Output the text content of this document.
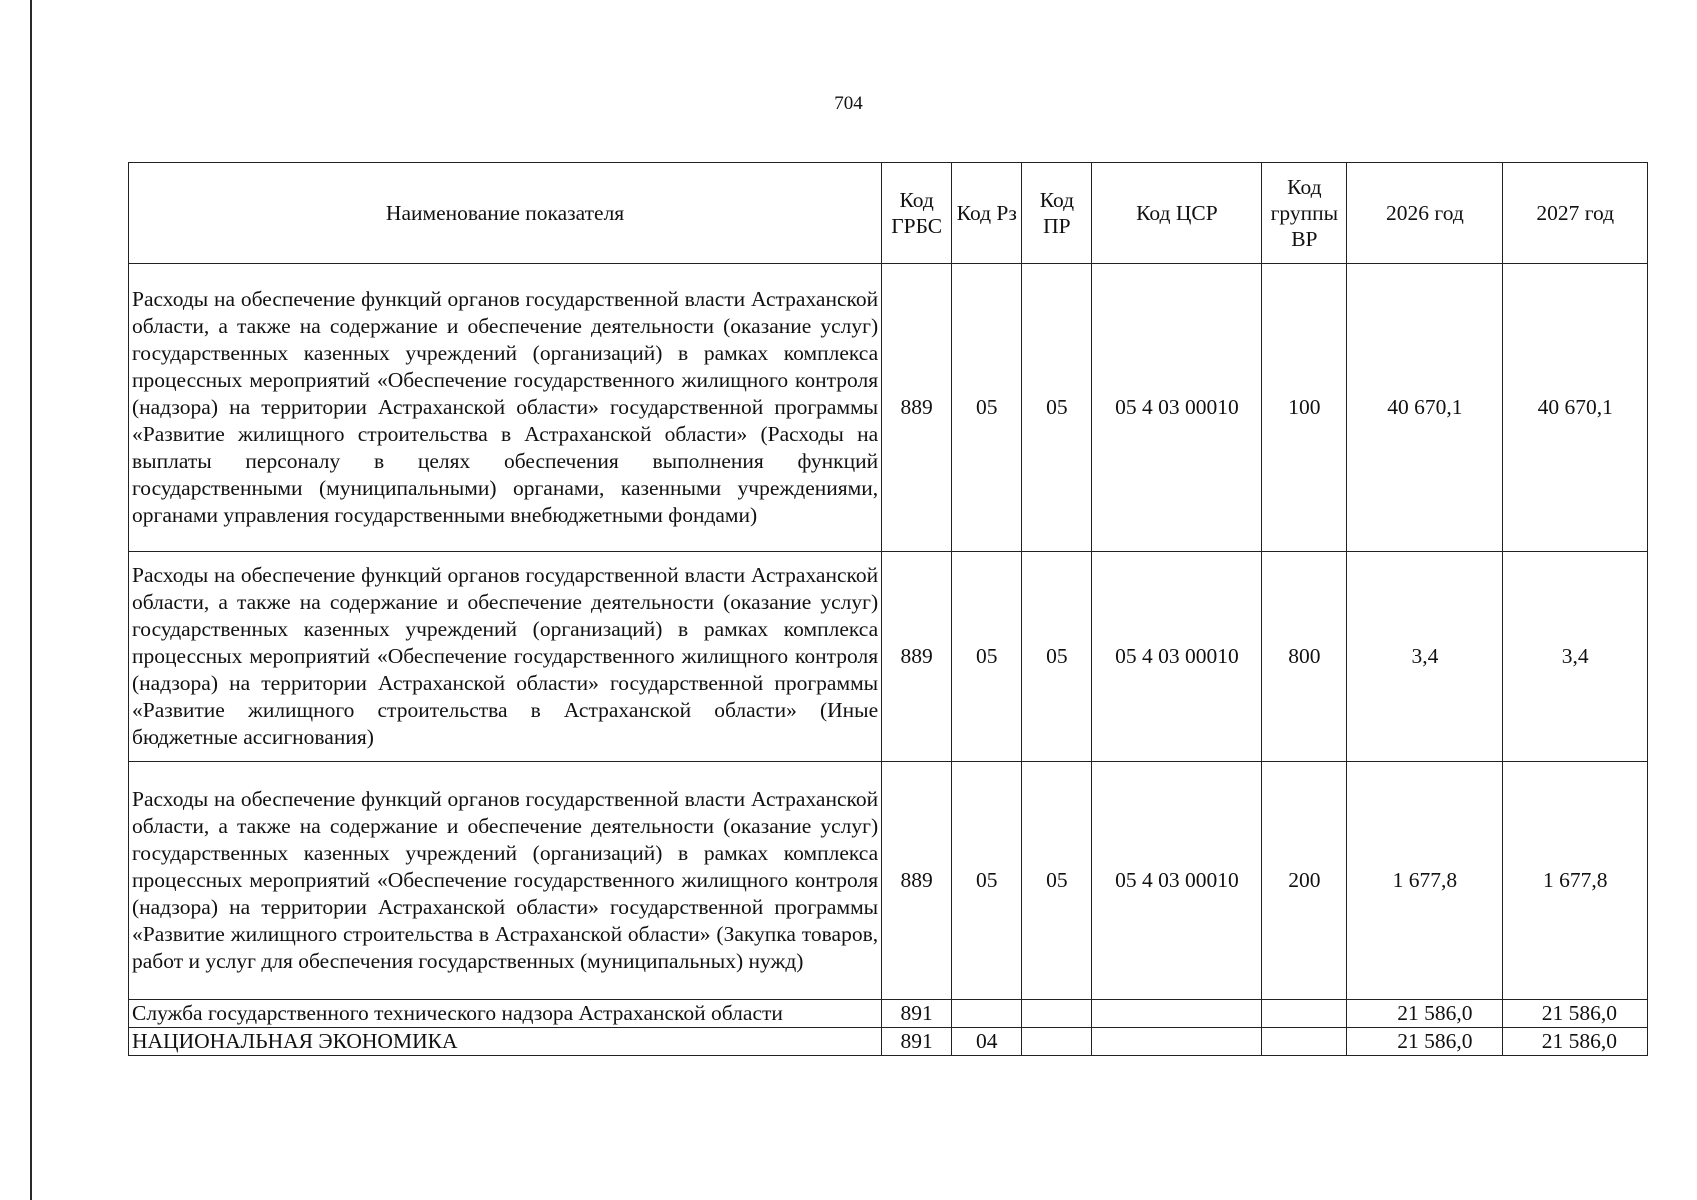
704
Наименование показателя	Код ГРБС	Код Рз	Код ПР	Код ЦСР	Код группы ВР	2026 год	2027 год
Расходы на обеспечение функций органов государственной власти Астраханской области, а также на содержание и обеспечение деятельности (оказание услуг) государственных казенных учреждений (организаций) в рамках комплекса процессных мероприятий «Обеспечение государственного жилищного контроля (надзора) на территории Астраханской области» государственной программы «Развитие жилищного строительства в Астраханской области» (Расходы на выплаты персоналу в целях обеспечения выполнения функций государственными (муниципальными) органами, казенными учреждениями, органами управления государственными внебюджетными фондами)	889	05	05	05 4 03 00010	100	40 670,1	40 670,1
Расходы на обеспечение функций органов государственной власти Астраханской области, а также на содержание и обеспечение деятельности (оказание услуг) государственных казенных учреждений (организаций) в рамках комплекса процессных мероприятий «Обеспечение государственного жилищного контроля (надзора) на территории Астраханской области» государственной программы «Развитие жилищного строительства в Астраханской области» (Иные бюджетные ассигнования)	889	05	05	05 4 03 00010	800	3,4	3,4
Расходы на обеспечение функций органов государственной власти Астраханской области, а также на содержание и обеспечение деятельности (оказание услуг) государственных казенных учреждений (организаций) в рамках комплекса процессных мероприятий «Обеспечение государственного жилищного контроля (надзора) на территории Астраханской области» государственной программы «Развитие жилищного строительства в Астраханской области» (Закупка товаров, работ и услуг для обеспечения государственных (муниципальных) нужд)	889	05	05	05 4 03 00010	200	1 677,8	1 677,8
Служба государственного технического надзора Астраханской области	891					21 586,0	21 586,0
НАЦИОНАЛЬНАЯ ЭКОНОМИКА	891	04				21 586,0	21 586,0
